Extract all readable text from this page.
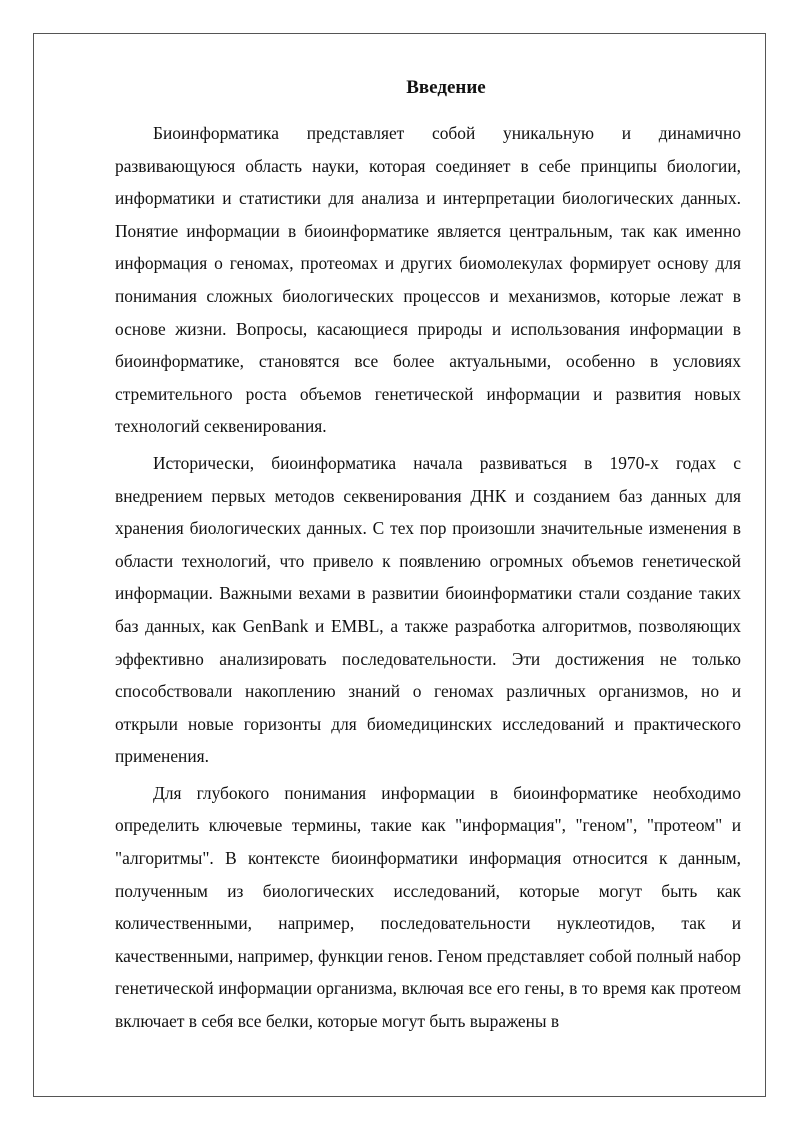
Введение

Биоинформатика представляет собой уникальную и динамично развивающуюся область науки, которая соединяет в себе принципы биологии, информатики и статистики для анализа и интерпретации биологических данных. Понятие информации в биоинформатике является центральным, так как именно информация о геномах, протеомах и других биомолекулах формирует основу для понимания сложных биологических процессов и механизмов, которые лежат в основе жизни. Вопросы, касающиеся природы и использования информации в биоинформатике, становятся все более актуальными, особенно в условиях стремительного роста объемов генетической информации и развития новых технологий секвенирования.

Исторически, биоинформатика начала развиваться в 1970-х годах с внедрением первых методов секвенирования ДНК и созданием баз данных для хранения биологических данных. С тех пор произошли значительные изменения в области технологий, что привело к появлению огромных объемов генетической информации. Важными вехами в развитии биоинформатики стали создание таких баз данных, как GenBank и EMBL, а также разработка алгоритмов, позволяющих эффективно анализировать последовательности. Эти достижения не только способствовали накоплению знаний о геномах различных организмов, но и открыли новые горизонты для биомедицинских исследований и практического применения.

Для глубокого понимания информации в биоинформатике необходимо определить ключевые термины, такие как "информация", "геном", "протеом" и "алгоритмы". В контексте биоинформатики информация относится к данным, полученным из биологических исследований, которые могут быть как количественными, например, последовательности нуклеотидов, так и качественными, например, функции генов. Геном представляет собой полный набор генетической информации организма, включая все его гены, в то время как протеом включает в себя все белки, которые могут быть выражены в
